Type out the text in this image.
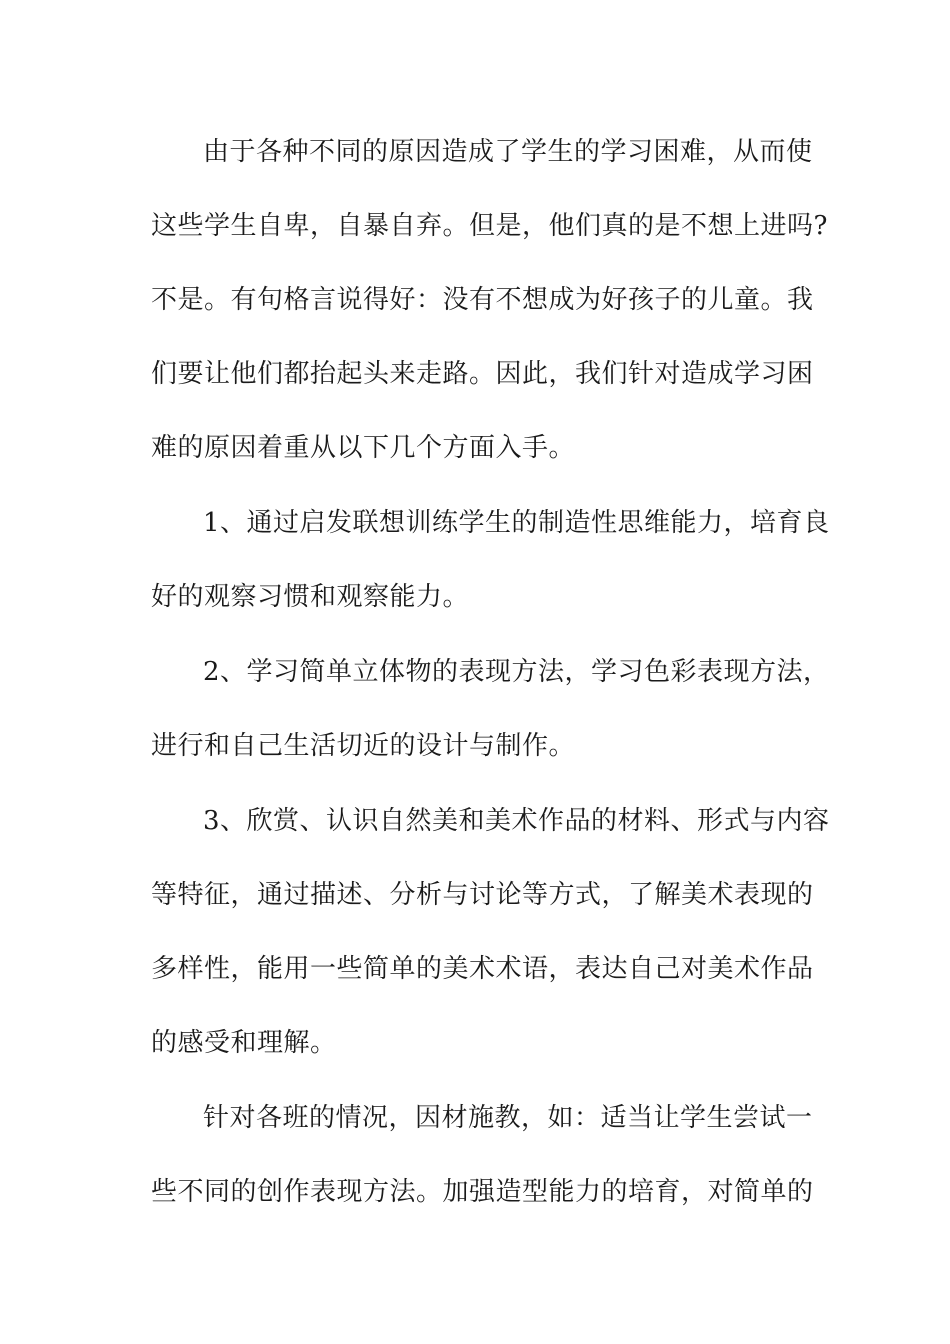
由于各种不同的原因造成了学生的学习困难，从而使
这些学生自卑，自暴自弃。但是，他们真的是不想上进吗?
不是。有句格言说得好：没有不想成为好孩子的儿童。我
们要让他们都抬起头来走路。因此，我们针对造成学习困
难的原因着重从以下几个方面入手。
1、通过启发联想训练学生的制造性思维能力，培育良
好的观察习惯和观察能力。
2、学习简单立体物的表现方法，学习色彩表现方法，
进行和自己生活切近的设计与制作。
3、欣赏、认识自然美和美术作品的材料、形式与内容
等特征，通过描述、分析与讨论等方式，了解美术表现的
多样性，能用一些简单的美术术语，表达自己对美术作品
的感受和理解。
针对各班的情况，因材施教，如：适当让学生尝试一
些不同的创作表现方法。加强造型能力的培育，对简单的
